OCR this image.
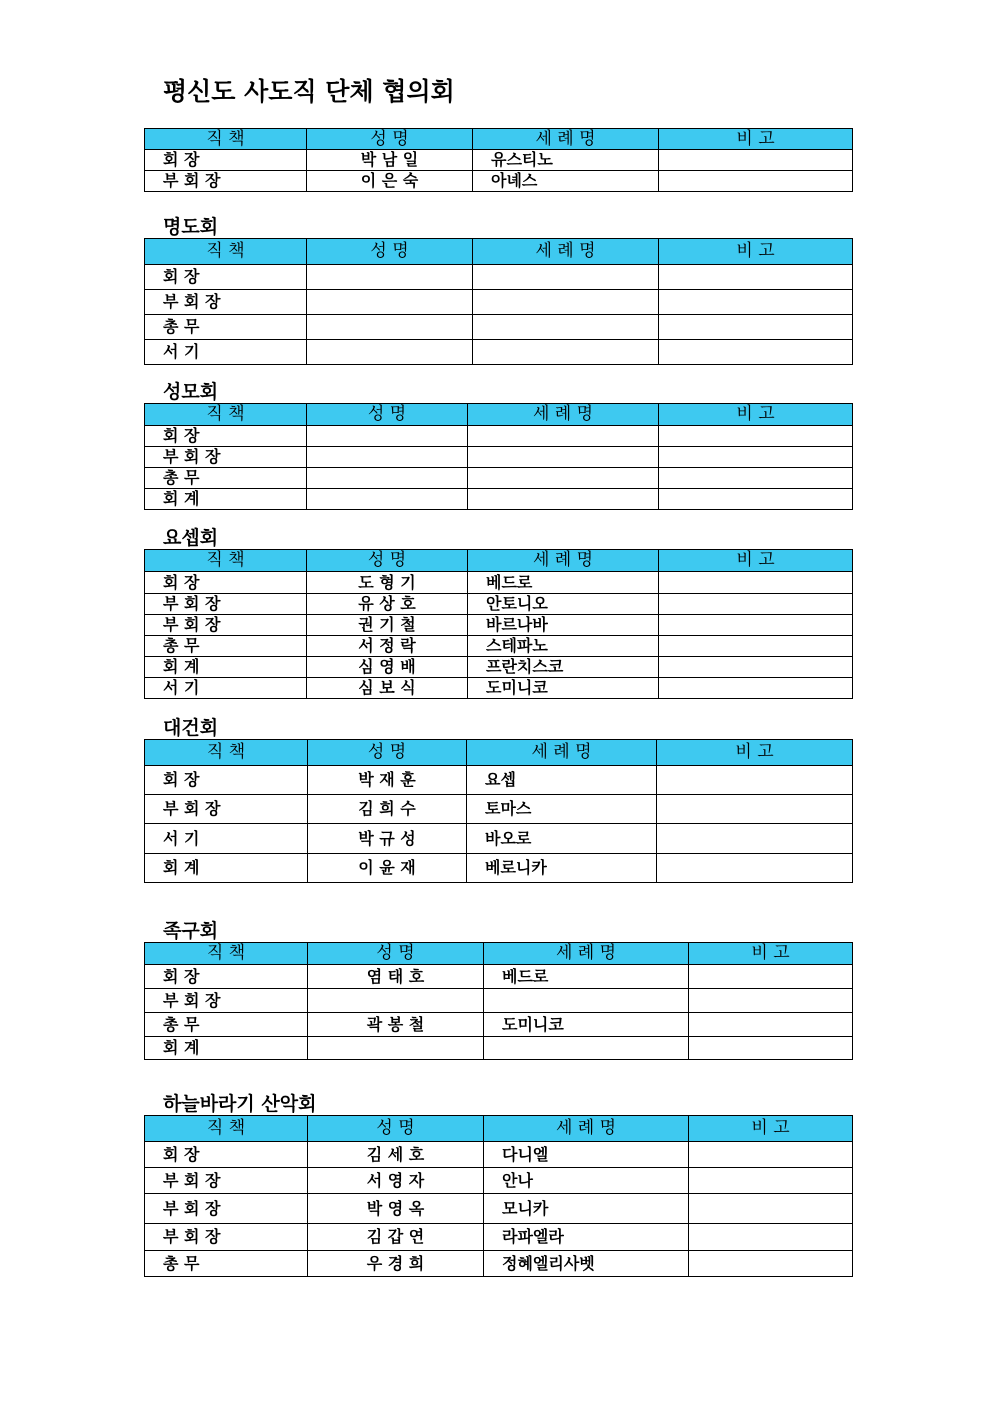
평신도 사도직 단체 협의회
직 책	성 명	세 례 명	비 고
회 장	박 남 일	유스티노	
부 회 장	이 은 숙	아녜스	
명도회
직 책	성 명	세 례 명	비 고
회 장			
부 회 장			
총 무			
서 기			
성모회
직 책	성 명	세 례 명	비 고
회 장			
부 회 장			
총 무			
회 계			
요셉회
직 책	성 명	세 례 명	비 고
회 장	도 형 기	베드로	
부 회 장	유 상 호	안토니오	
부 회 장	권 기 철	바르나바	
총 무	서 정 락	스테파노	
회 계	심 영 배	프란치스코	
서 기	심 보 식	도미니코	
대건회
직 책	성 명	세 례 명	비 고
회 장	박 재 훈	요셉	
부 회 장	김 희 수	토마스	
서 기	박 규 성	바오로	
회 계	이 윤 재	베로니카	
족구회
직 책	성 명	세 례 명	비 고
회 장	염 태 호	베드로	
부 회 장			
총 무	곽 봉 철	도미니코	
회 계			
하늘바라기 산악회
직 책	성 명	세 례 명	비 고
회 장	김 세 호	다니엘	
부 회 장	서 영 자	안나	
부 회 장	박 영 옥	모니카	
부 회 장	김 갑 연	라파엘라	
총 무	우 경 희	정혜엘리사벳	
